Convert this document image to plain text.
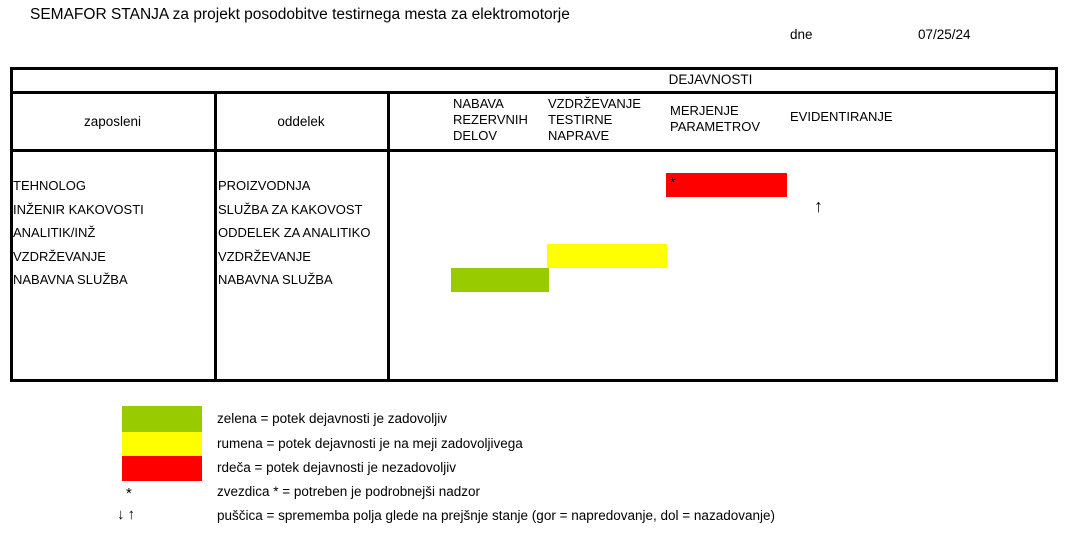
SEMAFOR STANJA za projekt posodobitve testirnega mesta za elektromotorje
dne	07/25/24
DEJAVNOSTI
zaposleni	oddelek
NABAVA REZERVNIH DELOV
VZDRŽEVANJE TESTIRNE NAPRAVE
MERJENJE PARAMETROV
EVIDENTIRANJE
TEHNOLOG
INŽENIR KAKOVOSTI
ANALITIK/INŽ
VZDRŽEVANJE
NABAVNA SLUŽBA
PROIZVODNJA
SLUŽBA ZA KAKOVOST
ODDELEK ZA ANALITIKO
VZDRŽEVANJE
NABAVNA SLUŽBA
*
↑
*
↓↑
zelena = potek dejavnosti je zadovoljiv
rumena = potek dejavnosti je na meji zadovoljivega
rdeča = potek dejavnosti je nezadovoljiv
zvezdica * = potreben je podrobnejši nadzor
puščica = sprememba polja glede na prejšnje stanje (gor = napredovanje, dol = nazadovanje)
